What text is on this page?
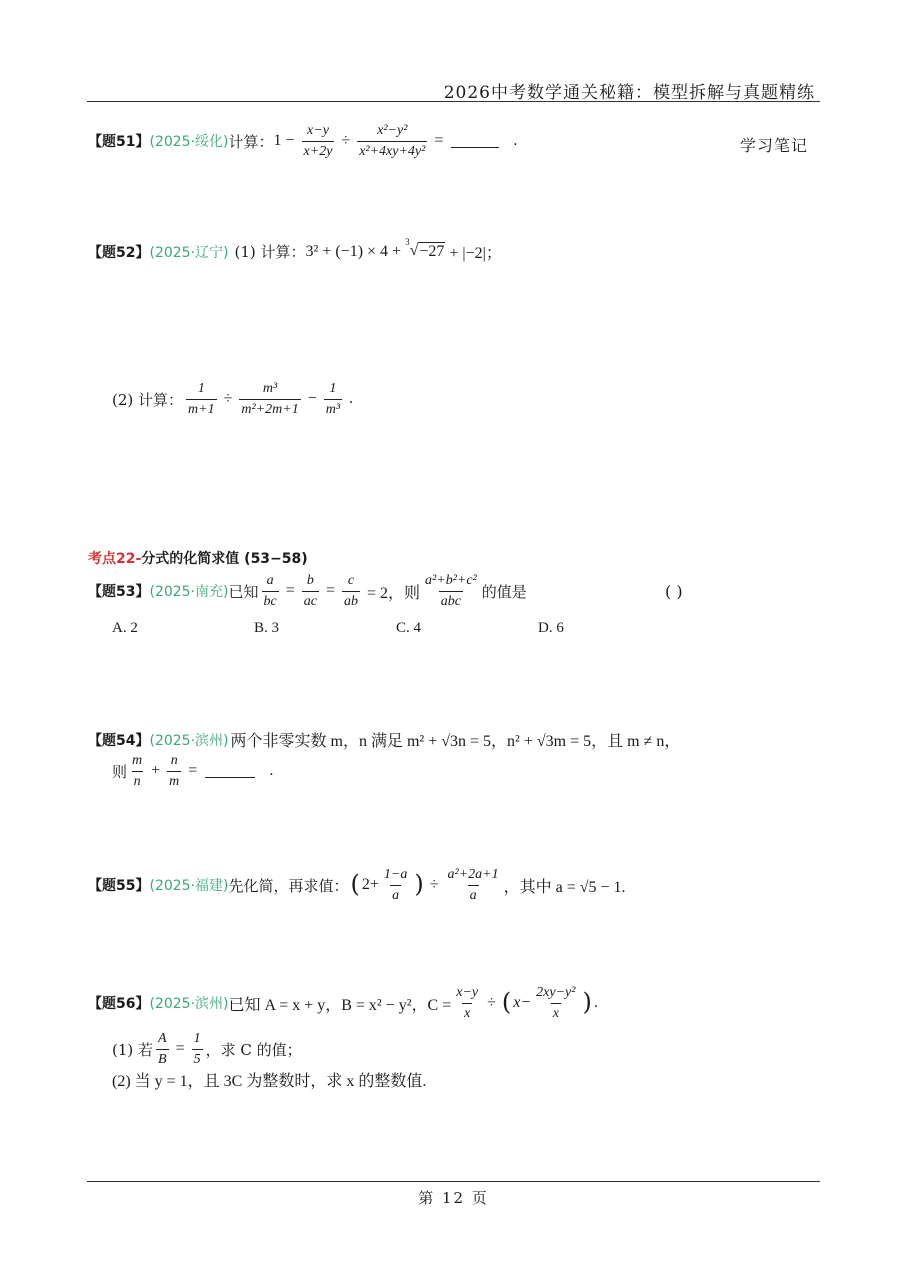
2026中考数学通关秘籍：模型拆解与真题精练
学习笔记
【题51】 (2025·绥化) 计算： $1 - \frac{x-y}{x+2y} \div \frac{\text{x²−y²}}{\text{x²+4xy+4y²}}$ =	.
【题52】 (2025·辽宁) (1) 计算： 3² + (−1) × 4 +
3 √ −27 + |−2|；
(2) 计算： $\frac{1}{m+1} \div \frac{\text{m³}}{\text{m²+2m+1}} - \frac{1}{\text{m³}}$ .
考点22- 分式的化简求值 (53−58)
【题53】 (2025·南充) 已知 $\frac{a}{bc} = \frac{b}{ac} = \frac{c}{ab} = 2$，则 $\frac{\text{a²+b²+c²}}{\text{abc}}$ 的值是	( )
A. 2	B. 3	C. 4	D. 6
【题54】 (2025·滨州) 两个非零实数 m，n 满足 m² + √3n = 5，n² + √3m = 5，且 m ≠ n，
则 $\frac{m}{n} + \frac{n}{m}$ =	.
【题55】 (2025·福建) 先化简，再求值： ( $2+ \frac{1-a}{a}$ ) ÷ $\frac{\text{a²+2a+1}}{a}$ ，其中 a = √5 − 1.
【题56】 (2025·滨州) 已知 A = x + y，B = x² − y²，$C = \frac{x-y}{x}$ ÷ ( $x- \frac{\text{2xy−y²}}{x}$ ) .
(1) 若 $\frac{A}{B} = \frac{1}{5}$ ，求 C 的值；
(2) 当 y = 1，且 3C 为整数时，求 x 的整数值.
第 12 页
